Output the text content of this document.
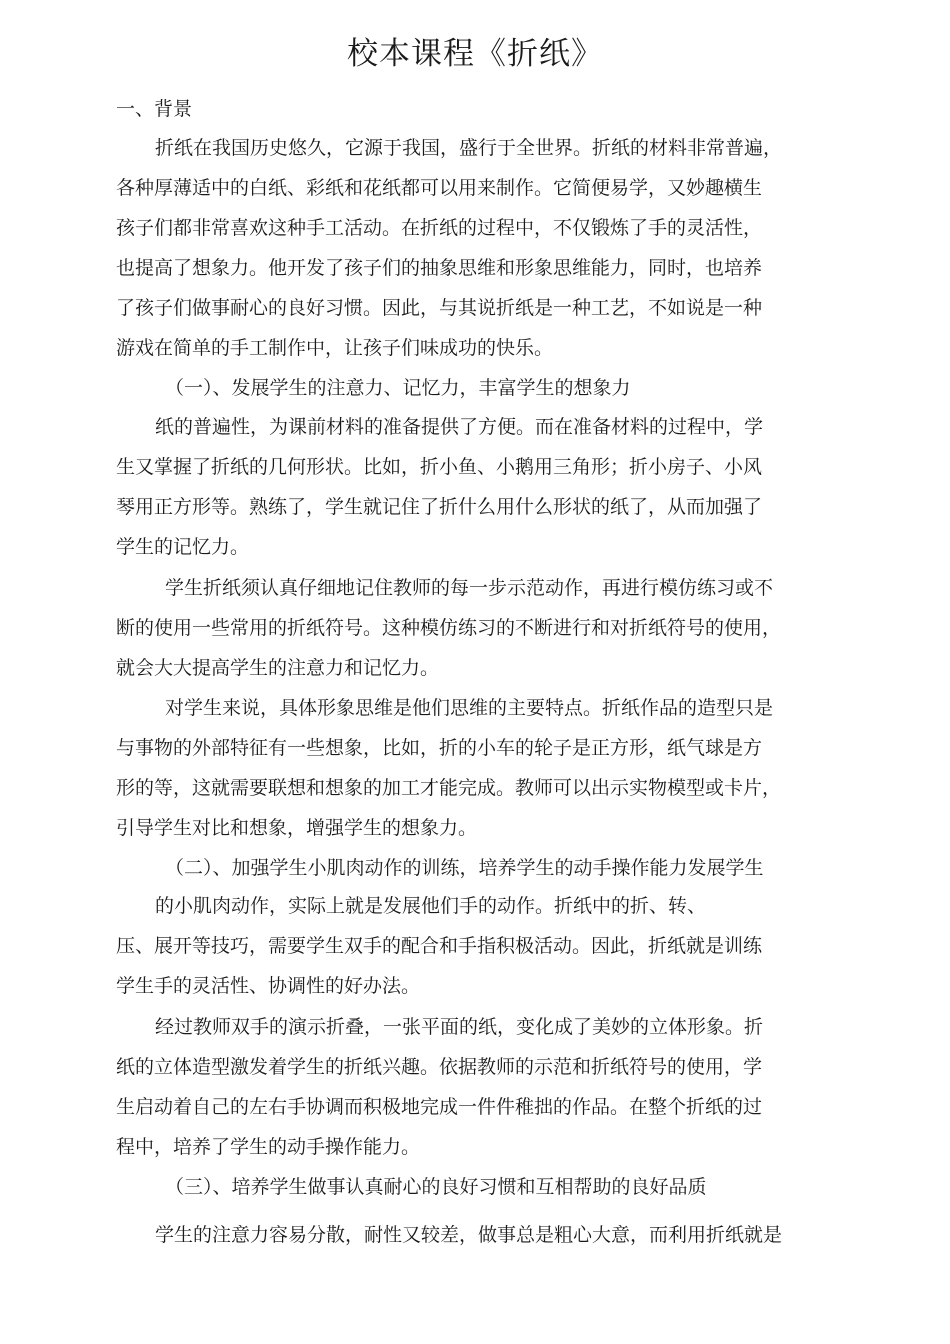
校本课程《折纸》

一、背景

折纸在我国历史悠久，它源于我国，盛行于全世界。折纸的材料非常普遍，

各种厚薄适中的白纸、彩纸和花纸都可以用来制作。它简便易学，又妙趣横生

孩子们都非常喜欢这种手工活动。在折纸的过程中，不仅锻炼了手的灵活性，

也提高了想象力。他开发了孩子们的抽象思维和形象思维能力，同时，也培养

了孩子们做事耐心的良好习惯。因此，与其说折纸是一种工艺，不如说是一种

游戏在简单的手工制作中，让孩子们味成功的快乐。

（一）、发展学生的注意力、记忆力，丰富学生的想象力

纸的普遍性，为课前材料的准备提供了方便。而在准备材料的过程中，学

生又掌握了折纸的几何形状。比如，折小鱼、小鹅用三角形；折小房子、小风

琴用正方形等。熟练了，学生就记住了折什么用什么形状的纸了，从而加强了

学生的记忆力。

学生折纸须认真仔细地记住教师的每一步示范动作，再进行模仿练习或不

断的使用一些常用的折纸符号。这种模仿练习的不断进行和对折纸符号的使用，

就会大大提高学生的注意力和记忆力。

对学生来说，具体形象思维是他们思维的主要特点。折纸作品的造型只是

与事物的外部特征有一些想象，比如，折的小车的轮子是正方形，纸气球是方

形的等，这就需要联想和想象的加工才能完成。教师可以出示实物模型或卡片，

引导学生对比和想象，增强学生的想象力。

（二）、加强学生小肌肉动作的训练，培养学生的动手操作能力发展学生

的小肌肉动作，实际上就是发展他们手的动作。折纸中的折、转、

压、展开等技巧，需要学生双手的配合和手指积极活动。因此，折纸就是训练

学生手的灵活性、协调性的好办法。

经过教师双手的演示折叠，一张平面的纸，变化成了美妙的立体形象。折

纸的立体造型激发着学生的折纸兴趣。依据教师的示范和折纸符号的使用，学

生启动着自己的左右手协调而积极地完成一件件稚拙的作品。在整个折纸的过

程中，培养了学生的动手操作能力。

（三）、培养学生做事认真耐心的良好习惯和互相帮助的良好品质

学生的注意力容易分散，耐性又较差，做事总是粗心大意，而利用折纸就是
